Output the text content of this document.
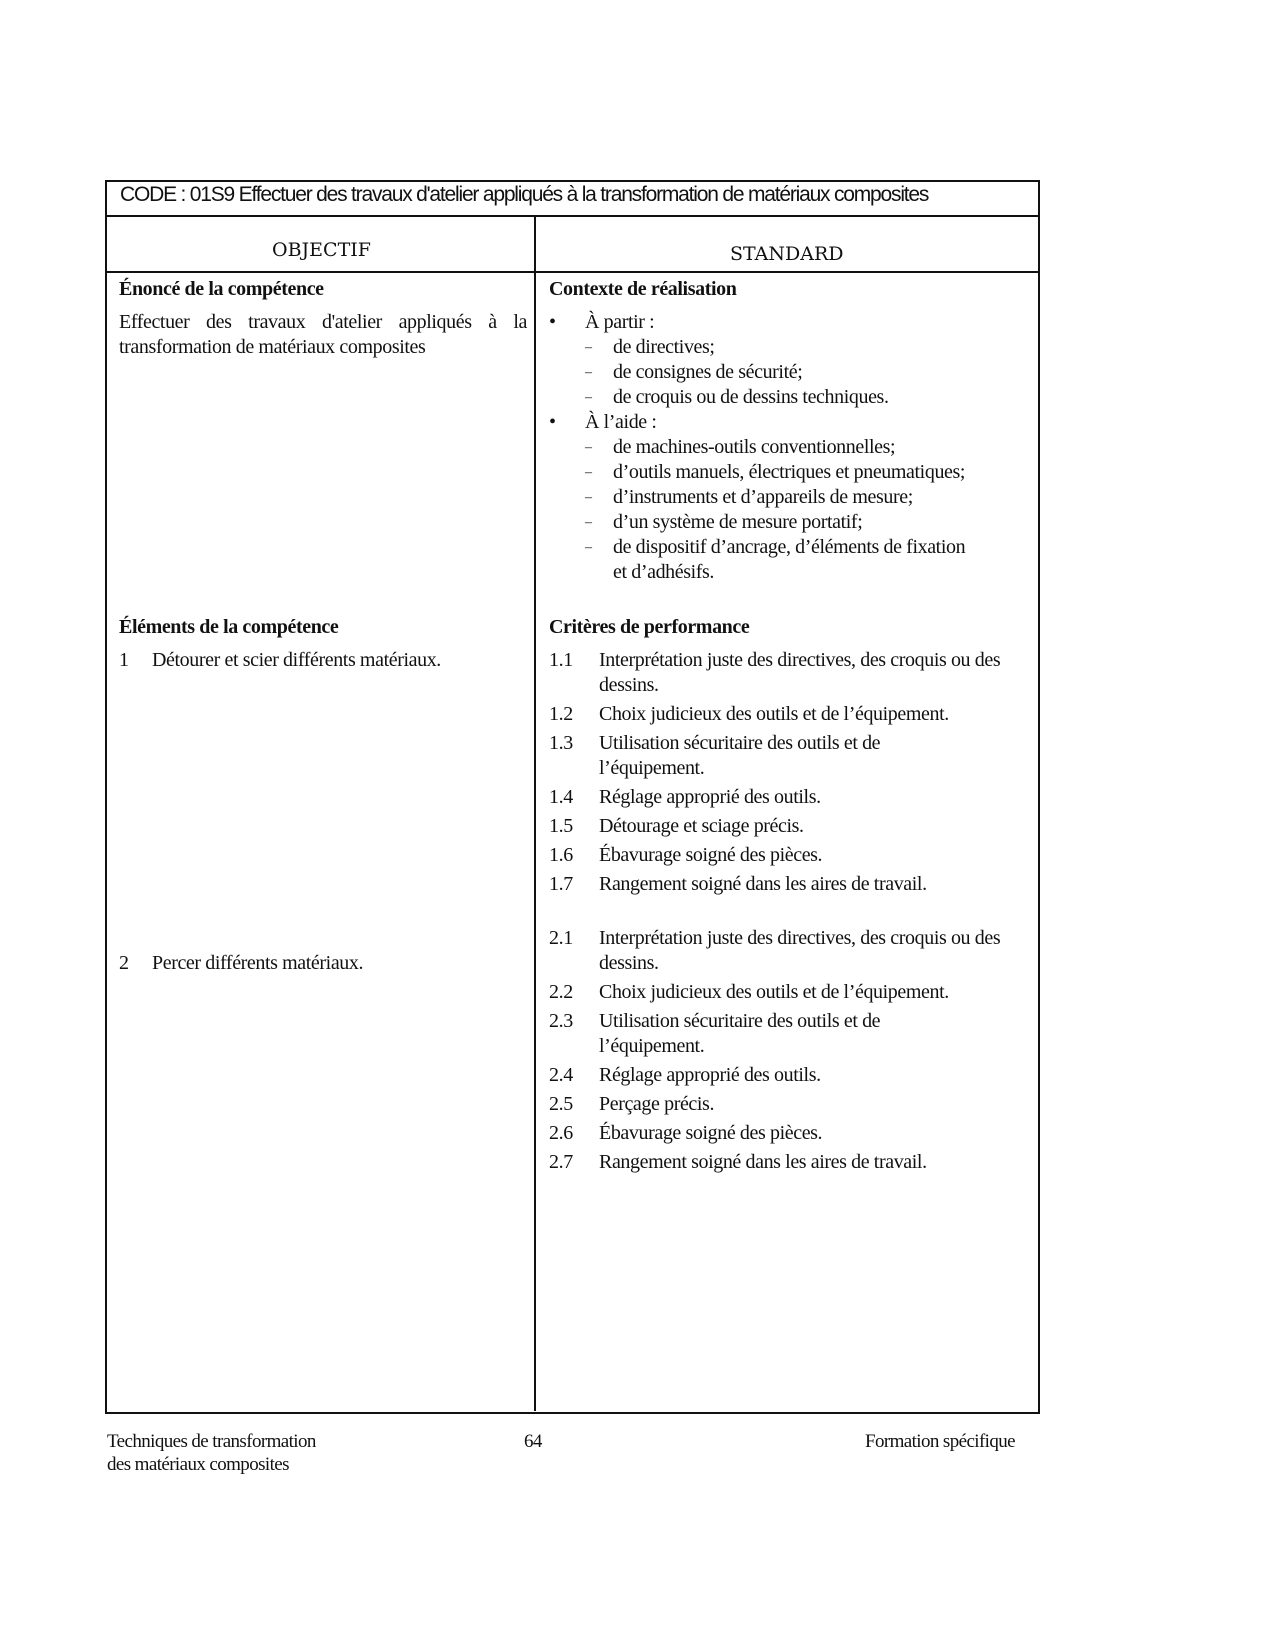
CODE : 01S9 Effectuer des travaux d'atelier appliqués à la transformation de matériaux composites
OBJECTIF	STANDARD
Énoncé de la compétence
Effectuer des travaux d'atelier appliqués à la transformation de matériaux composites
Contexte de réalisation
• À partir :
– de directives;
– de consignes de sécurité;
– de croquis ou de dessins techniques.
• À l’aide :
– de machines-outils conventionnelles;
– d’outils manuels, électriques et pneumatiques;
– d’instruments et d’appareils de mesure;
– d’un système de mesure portatif;
– de dispositif d’ancrage, d’éléments de fixation et d’adhésifs.
Éléments de la compétence
1 Détourer et scier différents matériaux.
2 Percer différents matériaux.
Critères de performance
1.1 Interprétation juste des directives, des croquis ou des dessins.
1.2 Choix judicieux des outils et de l’équipement.
1.3 Utilisation sécuritaire des outils et de l’équipement.
1.4 Réglage approprié des outils.
1.5 Détourage et sciage précis.
1.6 Ébavurage soigné des pièces.
1.7 Rangement soigné dans les aires de travail.
2.1 Interprétation juste des directives, des croquis ou des dessins.
2.2 Choix judicieux des outils et de l’équipement.
2.3 Utilisation sécuritaire des outils et de l’équipement.
2.4 Réglage approprié des outils.
2.5 Perçage précis.
2.6 Ébavurage soigné des pièces.
2.7 Rangement soigné dans les aires de travail.
Techniques de transformation
des matériaux composites
64	Formation spécifique
